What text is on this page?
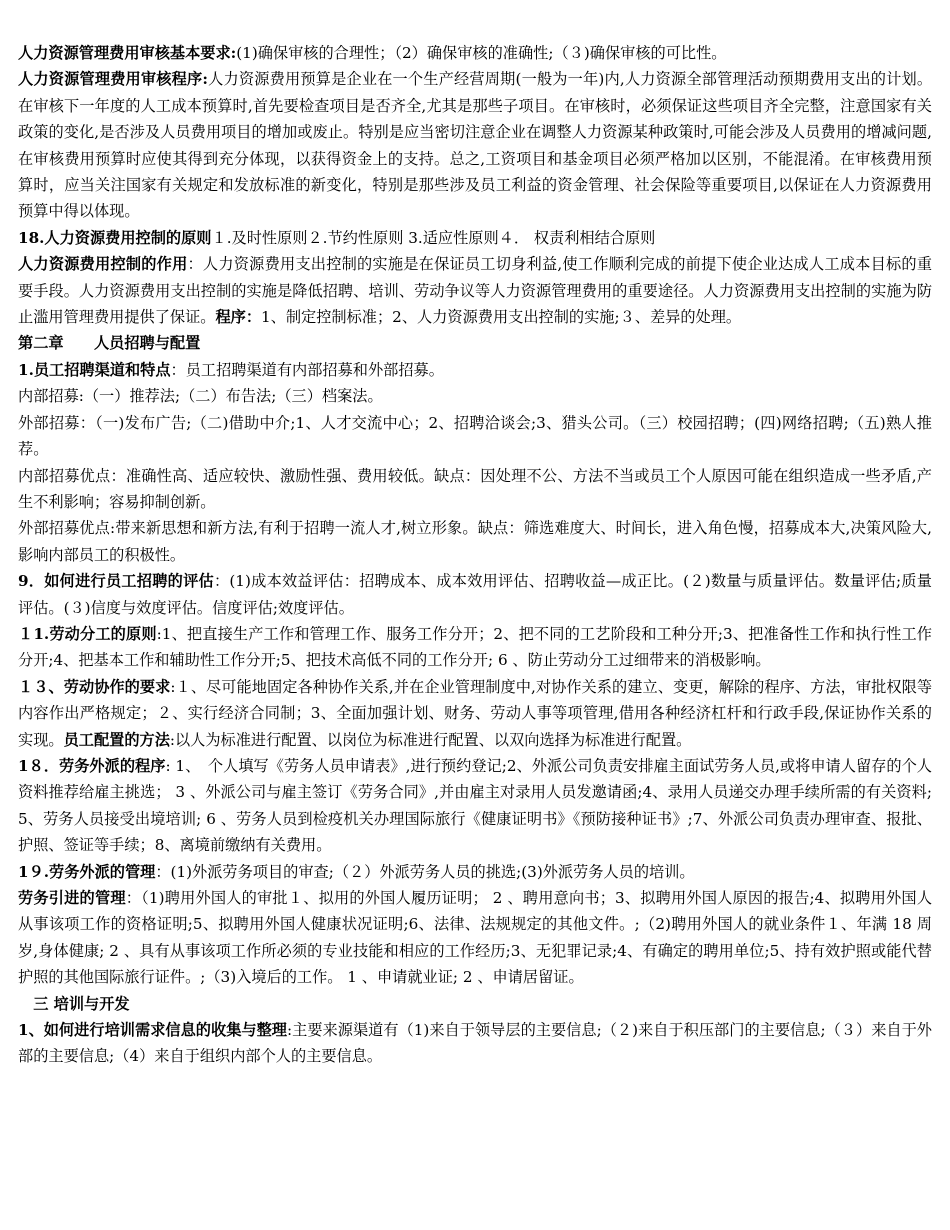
人力资源管理费用审核基本要求:(1)确保审核的合理性；（2）确保审核的准确性;（３)确保审核的可比性。

人力资源管理费用审核程序:人力资源费用预算是企业在一个生产经营周期(一般为一年)内,人力资源全部管理活动预期费用支出的计划。在审核下一年度的人工成本预算时,首先要检查项目是否齐全,尤其是那些子项目。在审核时，必须保证这些项目齐全完整，注意国家有关政策的变化,是否涉及人员费用项目的增加或废止。特别是应当密切注意企业在调整人力资源某种政策时,可能会涉及人员费用的增减问题,在审核费用预算时应使其得到充分体现，以获得资金上的支持。总之,工资项目和基金项目必须严格加以区别，不能混淆。在审核费用预算时，应当关注国家有关规定和发放标准的新变化，特别是那些涉及员工利益的资金管理、社会保险等重要项目,以保证在人力资源费用预算中得以体现。

18.人力资源费用控制的原则１.及时性原则２.节约性原则 3.适应性原则４． 权责利相结合原则

人力资源费用控制的作用：人力资源费用支出控制的实施是在保证员工切身利益,使工作顺利完成的前提下使企业达成人工成本目标的重要手段。人力资源费用支出控制的实施是降低招聘、培训、劳动争议等人力资源管理费用的重要途径。人力资源费用支出控制的实施为防止滥用管理费用提供了保证。程序：1、制定控制标准；2、人力资源费用支出控制的实施;３、差异的处理。

第二章　　人员招聘与配置

1.员工招聘渠道和特点：员工招聘渠道有内部招募和外部招募。

内部招募:（一）推荐法;（二）布告法;（三）档案法。

外部招募：（一)发布广告;（二)借助中介;1、人才交流中心；2、招聘洽谈会;3、猎头公司。（三）校园招聘；(四)网络招聘;（五)熟人推荐。

内部招募优点：准确性高、适应较快、激励性强、费用较低。缺点：因处理不公、方法不当或员工个人原因可能在组织造成一些矛盾,产生不利影响；容易抑制创新。

外部招募优点:带来新思想和新方法,有利于招聘一流人才,树立形象。缺点：筛选难度大、时间长，进入角色慢，招募成本大,决策风险大,影响内部员工的积极性。

9．如何进行员工招聘的评估：(1)成本效益评估：招聘成本、成本效用评估、招聘收益—成正比。(２)数量与质量评估。数量评估;质量评估。(３)信度与效度评估。信度评估;效度评估。

１1.劳动分工的原则:1、把直接生产工作和管理工作、服务工作分开；2、把不同的工艺阶段和工种分开;3、把准备性工作和执行性工作分开;4、把基本工作和辅助性工作分开;5、把技术高低不同的工作分开; 6 、防止劳动分工过细带来的消极影响。

１３、劳动协作的要求:１、尽可能地固定各种协作关系,并在企业管理制度中,对协作关系的建立、变更，解除的程序、方法，审批权限等内容作出严格规定；２、实行经济合同制；3、全面加强计划、财务、劳动人事等项管理,借用各种经济杠杆和行政手段,保证协作关系的实现。员工配置的方法:以人为标准进行配置、以岗位为标准进行配置、以双向选择为标准进行配置。

1８．劳务外派的程序: 1、　个人填写《劳务人员申请表》,进行预约登记;2、外派公司负责安排雇主面试劳务人员,或将申请人留存的个人资料推荐给雇主挑选； 3 、外派公司与雇主签订《劳务合同》,并由雇主对录用人员发邀请函;4、录用人员递交办理手续所需的有关资料;5、劳务人员接受出境培训; 6 、劳务人员到检疫机关办理国际旅行《健康证明书》《预防接种证书》;7、外派公司负责办理审查、报批、护照、签证等手续；8、离境前缴纳有关费用。

1９.劳务外派的管理：(1)外派劳务项目的审查;（２）外派劳务人员的挑选;(3)外派劳务人员的培训。

劳务引进的管理：（1)聘用外国人的审批１、拟用的外国人履历证明； 2 、聘用意向书；3、拟聘用外国人原因的报告;4、拟聘用外国人从事该项工作的资格证明;5、拟聘用外国人健康状况证明;6、法律、法规规定的其他文件。;（2)聘用外国人的就业条件１、年满 18 周岁,身体健康; 2 、具有从事该项工作所必须的专业技能和相应的工作经历;3、无犯罪记录;4、有确定的聘用单位;5、持有效护照或能代替护照的其他国际旅行证件。;（3)入境后的工作。 1 、申请就业证; 2 、申请居留证。

　三 培训与开发

1、如何进行培训需求信息的收集与整理:主要来源渠道有（1)来自于领导层的主要信息;（２)来自于积压部门的主要信息;（３）来自于外部的主要信息;（4）来自于组织内部个人的主要信息。
